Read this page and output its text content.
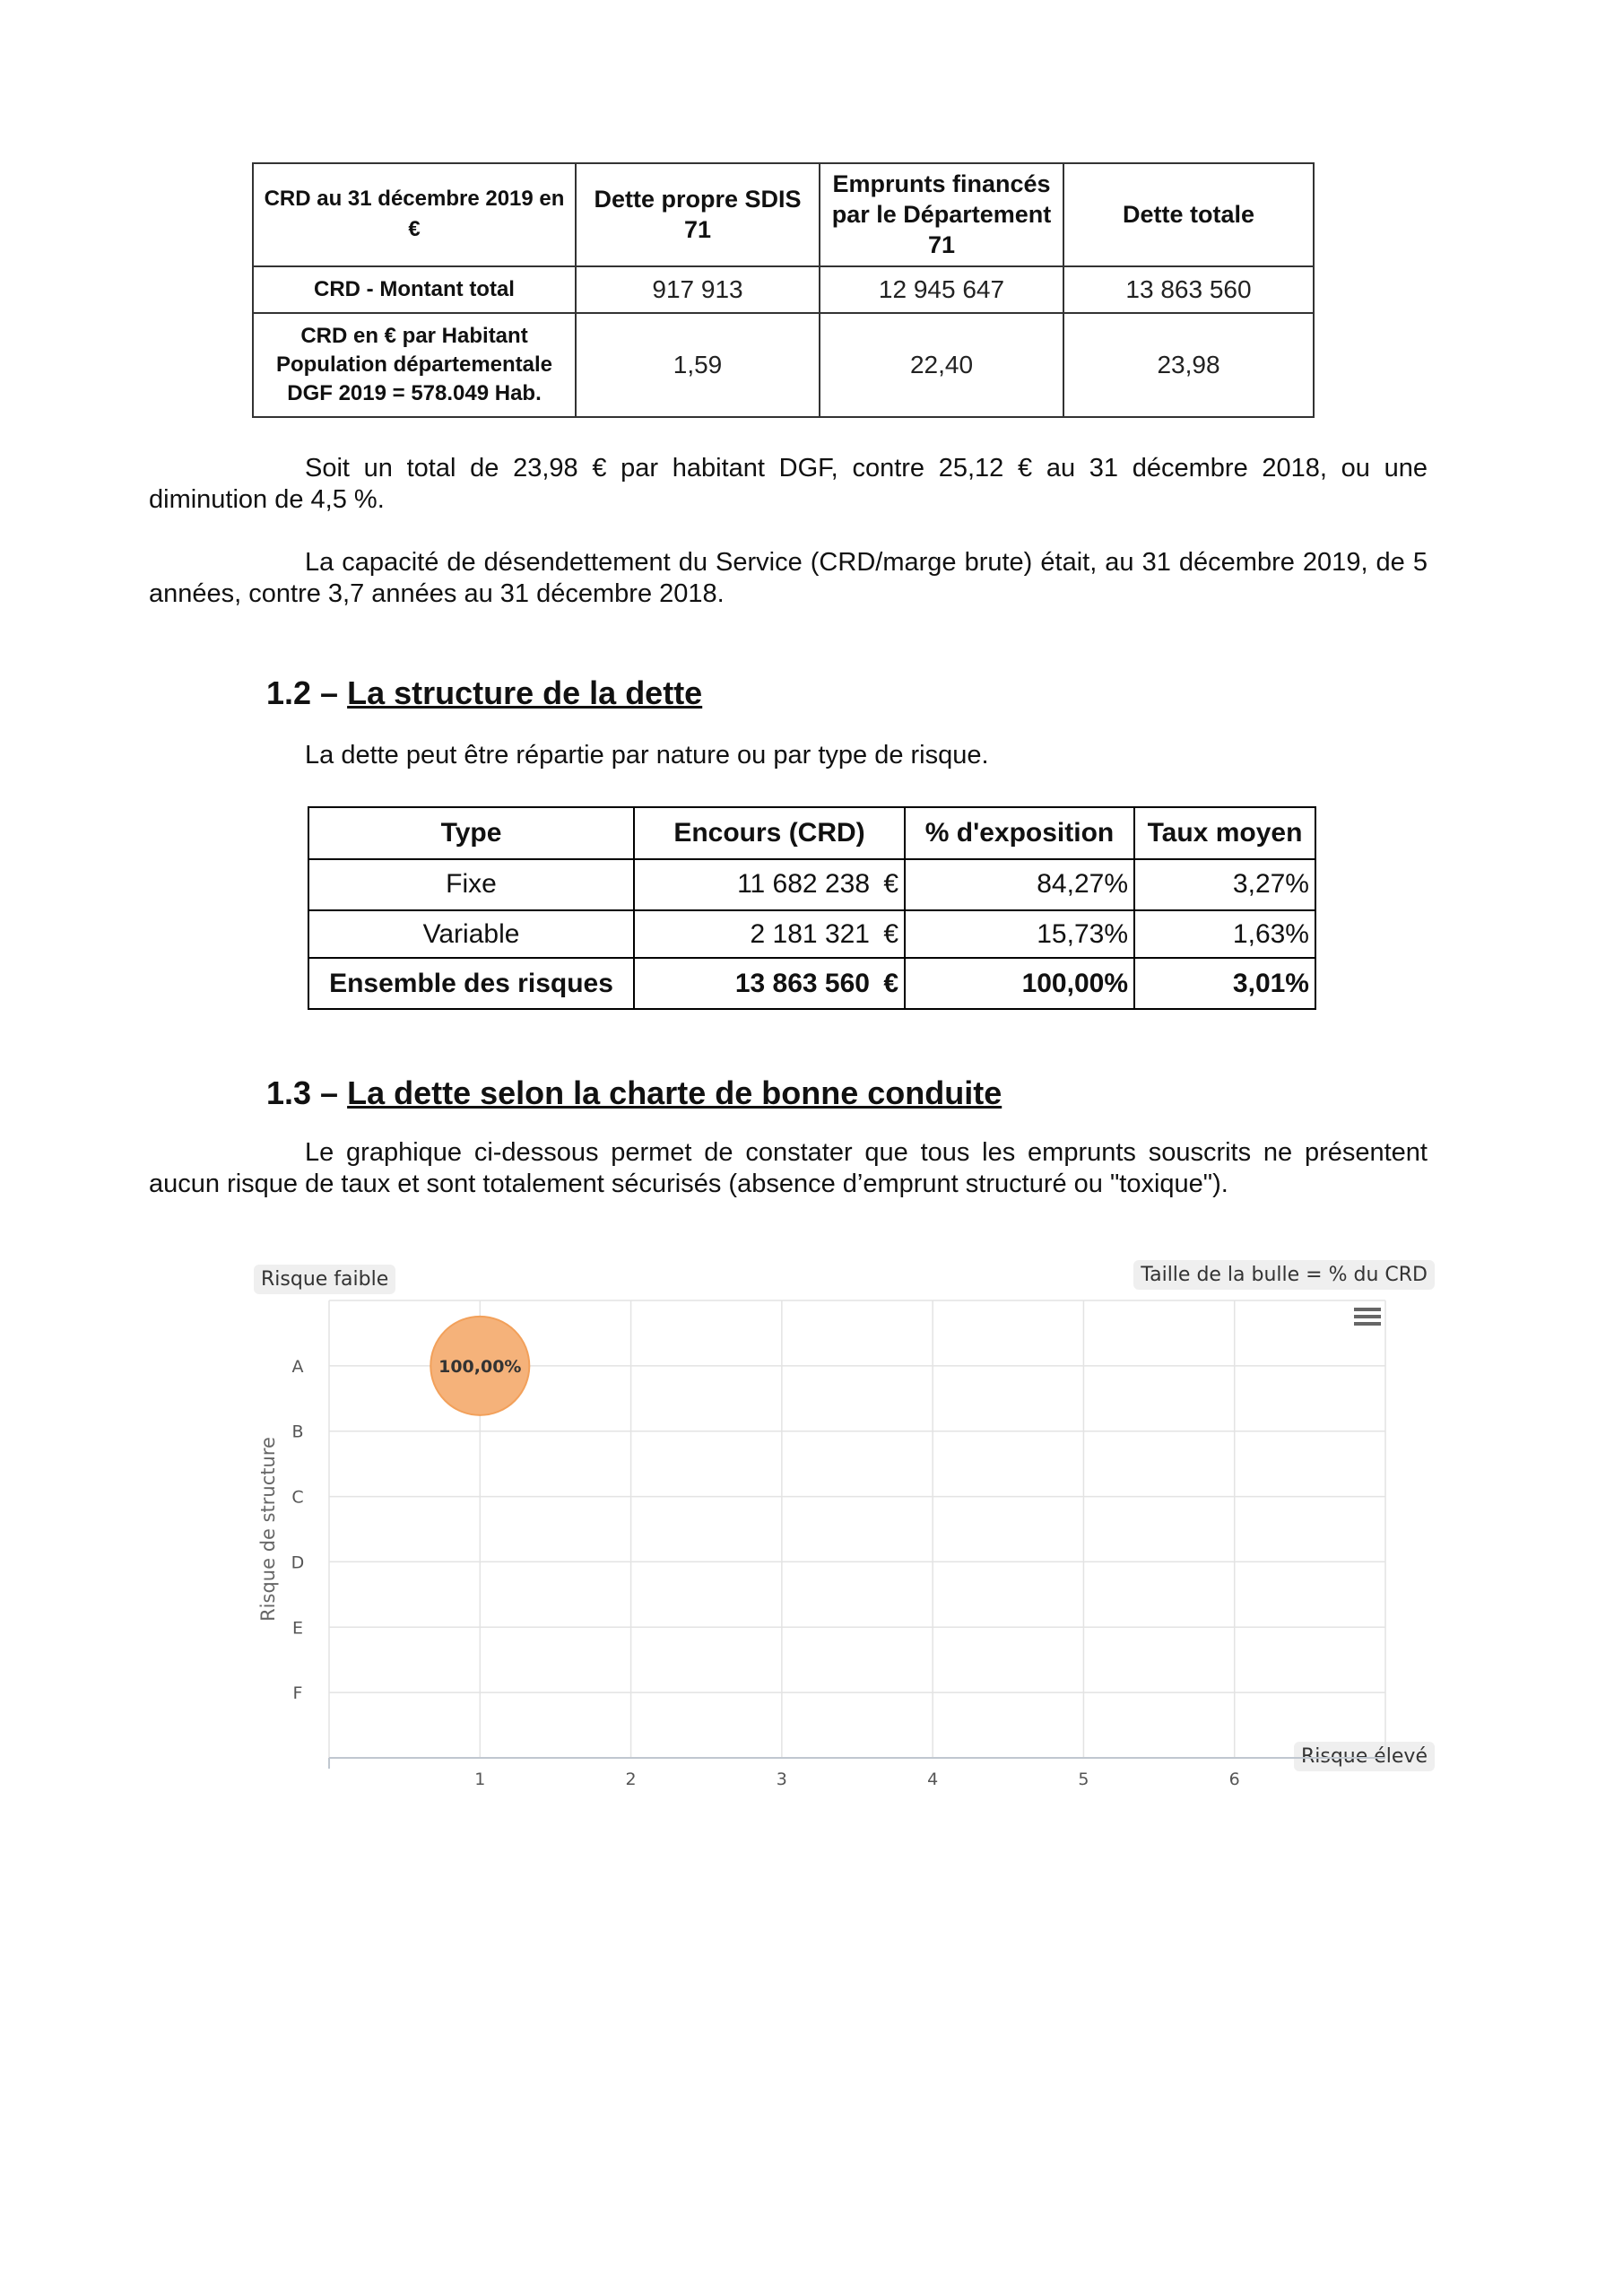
CRD au 31 décembre 2019 en €	Dette propre SDIS 71	Emprunts financés par le Département 71	Dette totale
CRD - Montant total	917 913	12 945 647	13 863 560
CRD en € par Habitant Population départementale DGF 2019 = 578.049 Hab.	1,59	22,40	23,98

Soit un total de 23,98 € par habitant DGF, contre 25,12 € au 31 décembre 2018, ou une diminution de 4,5 %.

La capacité de désendettement du Service (CRD/marge brute) était, au 31 décembre 2019, de 5 années, contre 3,7 années au 31 décembre 2018.

1.2 – La structure de la dette
La dette peut être répartie par nature ou par type de risque.
Type	Encours (CRD)	% d'exposition	Taux moyen
Fixe	11 682 238 €	84,27%	3,27%
Variable	2 181 321 €	15,73%	1,63%
Ensemble des risques	13 863 560 €	100,00%	3,01%
1.3 – La dette selon la charte de bonne conduite

Le graphique ci-dessous permet de constater que tous les emprunts souscrits ne présentent aucun risque de taux et sont totalement sécurisés (absence d’emprunt structuré ou "toxique").

Risque faible	Taille de la bulle = % du CRD
Risque élevé
A
B
C
D
E
F
1	2	3	4	5	6
Risque de structure
100,00%
